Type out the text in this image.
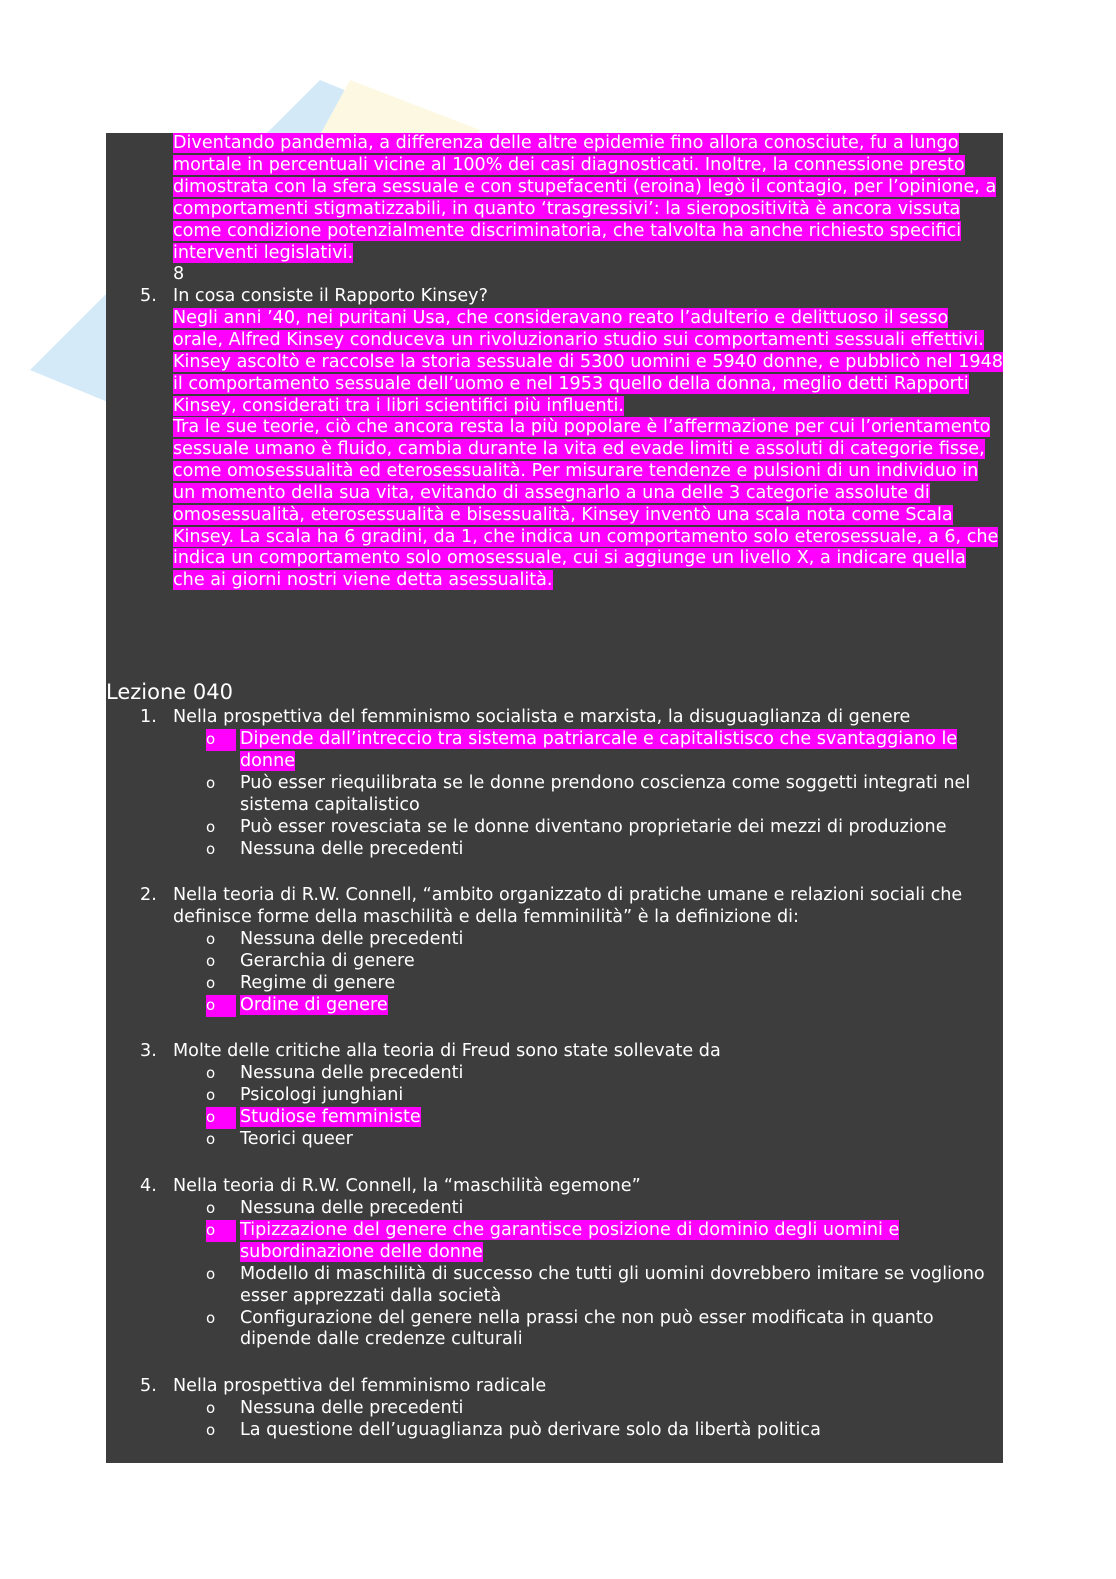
Diventando pandemia, a differenza delle altre epidemie fino allora conosciute, fu a lungo mortale in percentuali vicine al 100% dei casi diagnosticati. Inoltre, la connessione presto dimostrata con la sfera sessuale e con stupefacenti (eroina) legò il contagio, per l’opinione, a comportamenti stigmatizzabili, in quanto ‘trasgressivi’: la sieropositività è ancora vissuta come condizione potenzialmente discriminatoria, che talvolta ha anche richiesto specifici interventi legislativi.

8
5. In cosa consiste il Rapporto Kinsey?

Negli anni ’40, nei puritani Usa, che consideravano reato l’adulterio e delittuoso il sesso orale, Alfred Kinsey conduceva un rivoluzionario studio sui comportamenti sessuali effettivi. Kinsey ascoltò e raccolse la storia sessuale di 5300 uomini e 5940 donne, e pubblicò nel 1948 il comportamento sessuale dell’uomo e nel 1953 quello della donna, meglio detti Rapporti Kinsey, considerati tra i libri scientifici più influenti.

Tra le sue teorie, ciò che ancora resta la più popolare è l’affermazione per cui l’orientamento sessuale umano è fluido, cambia durante la vita ed evade limiti e assoluti di categorie fisse, come omosessualità ed eterosessualità. Per misurare tendenze e pulsioni di un individuo in un momento della sua vita, evitando di assegnarlo a una delle 3 categorie assolute di omosessualità, eterosessualità e bisessualità, Kinsey inventò una scala nota come Scala Kinsey. La scala ha 6 gradini, da 1, che indica un comportamento solo eterosessuale, a 6, che indica un comportamento solo omosessuale, cui si aggiunge un livello X, a indicare quella che ai giorni nostri viene detta asessualità.

Lezione 040
1. Nella prospettiva del femminismo socialista e marxista, la disuguaglianza di genere

o	Dipende dall’intreccio tra sistema patriarcale e capitalistisco che svantaggiano le donne
o	Può esser riequilibrata se le donne prendono coscienza come soggetti integrati nel sistema capitalistico
o	Può esser rovesciata se le donne diventano proprietarie dei mezzi di produzione
o	Nessuna delle precedenti
2. Nella teoria di R.W. Connell, “ambito organizzato di pratiche umane e relazioni sociali che definisce forme della maschilità e della femminilità” è la definizione di:

o	Nessuna delle precedenti
o	Gerarchia di genere
o	Regime di genere
o	Ordine di genere
3. Molte delle critiche alla teoria di Freud sono state sollevate da

o	Nessuna delle precedenti
o	Psicologi junghiani
o	Studiose femministe
o	Teorici queer
4. Nella teoria di R.W. Connell, la “maschilità egemone”

o	Nessuna delle precedenti
o	Tipizzazione del genere che garantisce posizione di dominio degli uomini e subordinazione delle donne
o	Modello di maschilità di successo che tutti gli uomini dovrebbero imitare se vogliono esser apprezzati dalla società
o	Configurazione del genere nella prassi che non può esser modificata in quanto dipende dalle credenze culturali
5. Nella prospettiva del femminismo radicale

o	Nessuna delle precedenti
o	La questione dell’uguaglianza può derivare solo da libertà politica
